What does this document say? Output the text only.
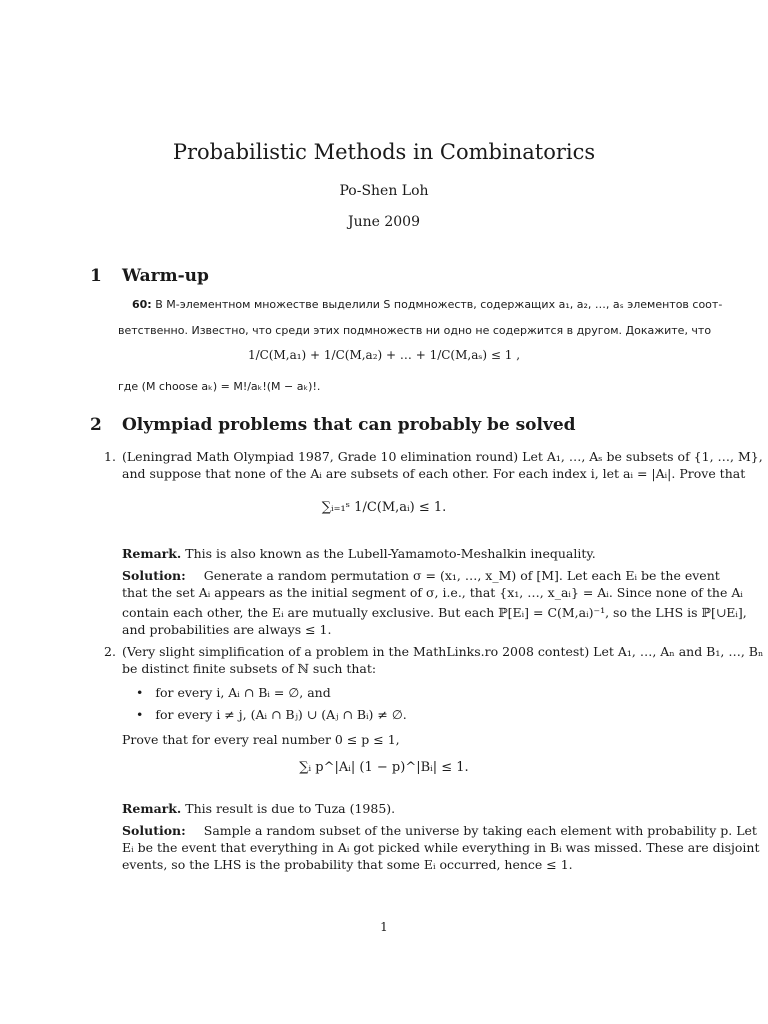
Probabilistic Methods in Combinatorics
Po-Shen Loh
June 2009
1 Warm-up
60: В M-элементном множестве выделили S подмножеств, содержащих a₁, a₂, …, aₛ элементов соот-
ветственно. Известно, что среди этих подмножеств ни одно не содержится в другом. Докажите, что
1/C(M,a₁) + 1/C(M,a₂) + … + 1/C(M,aₛ) ≤ 1 ,
где (M choose aₖ) = M!/aₖ!(M − aₖ)!.
2 Olympiad problems that can probably be solved
1. (Leningrad Math Olympiad 1987, Grade 10 elimination round) Let A₁, …, Aₛ be subsets of {1, …, M},
and suppose that none of the Aᵢ are subsets of each other. For each index i, let aᵢ = |Aᵢ|. Prove that
∑ᵢ₌₁ˢ 1/C(M,aᵢ) ≤ 1.
Remark. This is also known as the Lubell-Yamamoto-Meshalkin inequality.
Solution: Generate a random permutation σ = (x₁, …, x_M) of [M]. Let each Eᵢ be the event
that the set Aᵢ appears as the initial segment of σ, i.e., that {x₁, …, x_aᵢ} = Aᵢ. Since none of the Aᵢ
contain each other, the Eᵢ are mutually exclusive. But each ℙ[Eᵢ] = C(M,aᵢ)⁻¹, so the LHS is ℙ[∪Eᵢ],
and probabilities are always ≤ 1.
2. (Very slight simplification of a problem in the MathLinks.ro 2008 contest) Let A₁, …, Aₙ and B₁, …, Bₙ
be distinct finite subsets of ℕ such that:
• for every i, Aᵢ ∩ Bᵢ = ∅, and
• for every i ≠ j, (Aᵢ ∩ Bⱼ) ∪ (Aⱼ ∩ Bᵢ) ≠ ∅.
Prove that for every real number 0 ≤ p ≤ 1,
∑ᵢ p^|Aᵢ| (1 − p)^|Bᵢ| ≤ 1.
Remark. This result is due to Tuza (1985).
Solution: Sample a random subset of the universe by taking each element with probability p. Let
Eᵢ be the event that everything in Aᵢ got picked while everything in Bᵢ was missed. These are disjoint
events, so the LHS is the probability that some Eᵢ occurred, hence ≤ 1.
1
